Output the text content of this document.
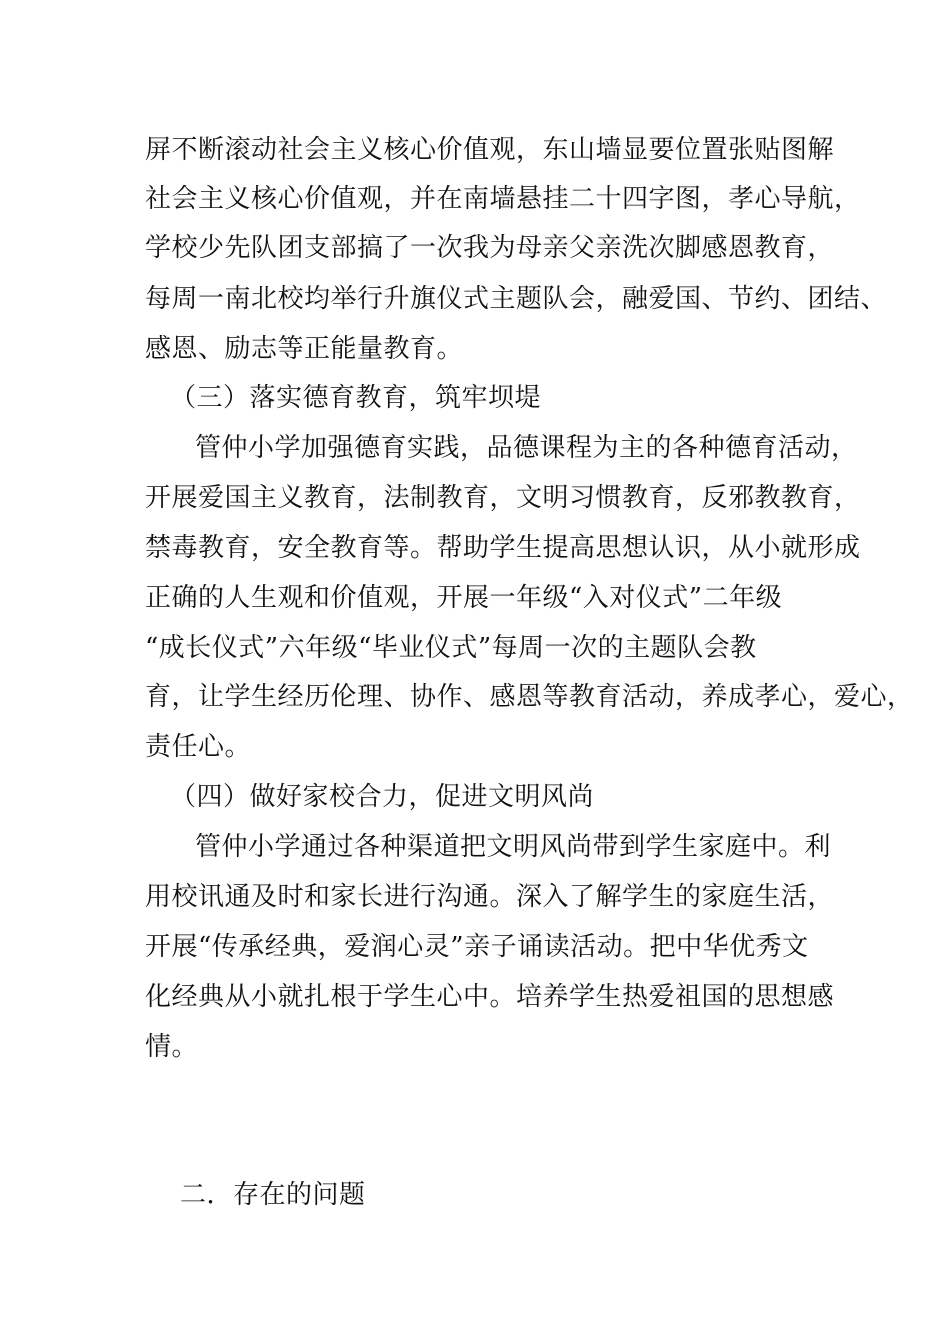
屏不断滚动社会主义核心价值观，东山墙显要位置张贴图解
社会主义核心价值观，并在南墙悬挂二十四字图，孝心导航，
学校少先队团支部搞了一次我为母亲父亲洗次脚感恩教育，
每周一南北校均举行升旗仪式主题队会，融爱国、节约、团结、
感恩、励志等正能量教育。
（三）落实德育教育，筑牢坝堤
管仲小学加强德育实践，品德课程为主的各种德育活动，
开展爱国主义教育，法制教育，文明习惯教育，反邪教教育，
禁毒教育，安全教育等。帮助学生提高思想认识，从小就形成
正确的人生观和价值观，开展一年级“入对仪式”二年级
“成长仪式”六年级“毕业仪式”每周一次的主题队会教
育，让学生经历伦理、协作、感恩等教育活动，养成孝心，爱心，
责任心。
（四）做好家校合力，促进文明风尚
管仲小学通过各种渠道把文明风尚带到学生家庭中。利
用校讯通及时和家长进行沟通。深入了解学生的家庭生活，
开展“传承经典，爱润心灵”亲子诵读活动。把中华优秀文
化经典从小就扎根于学生心中。培养学生热爱祖国的思想感
情。
二．存在的问题
